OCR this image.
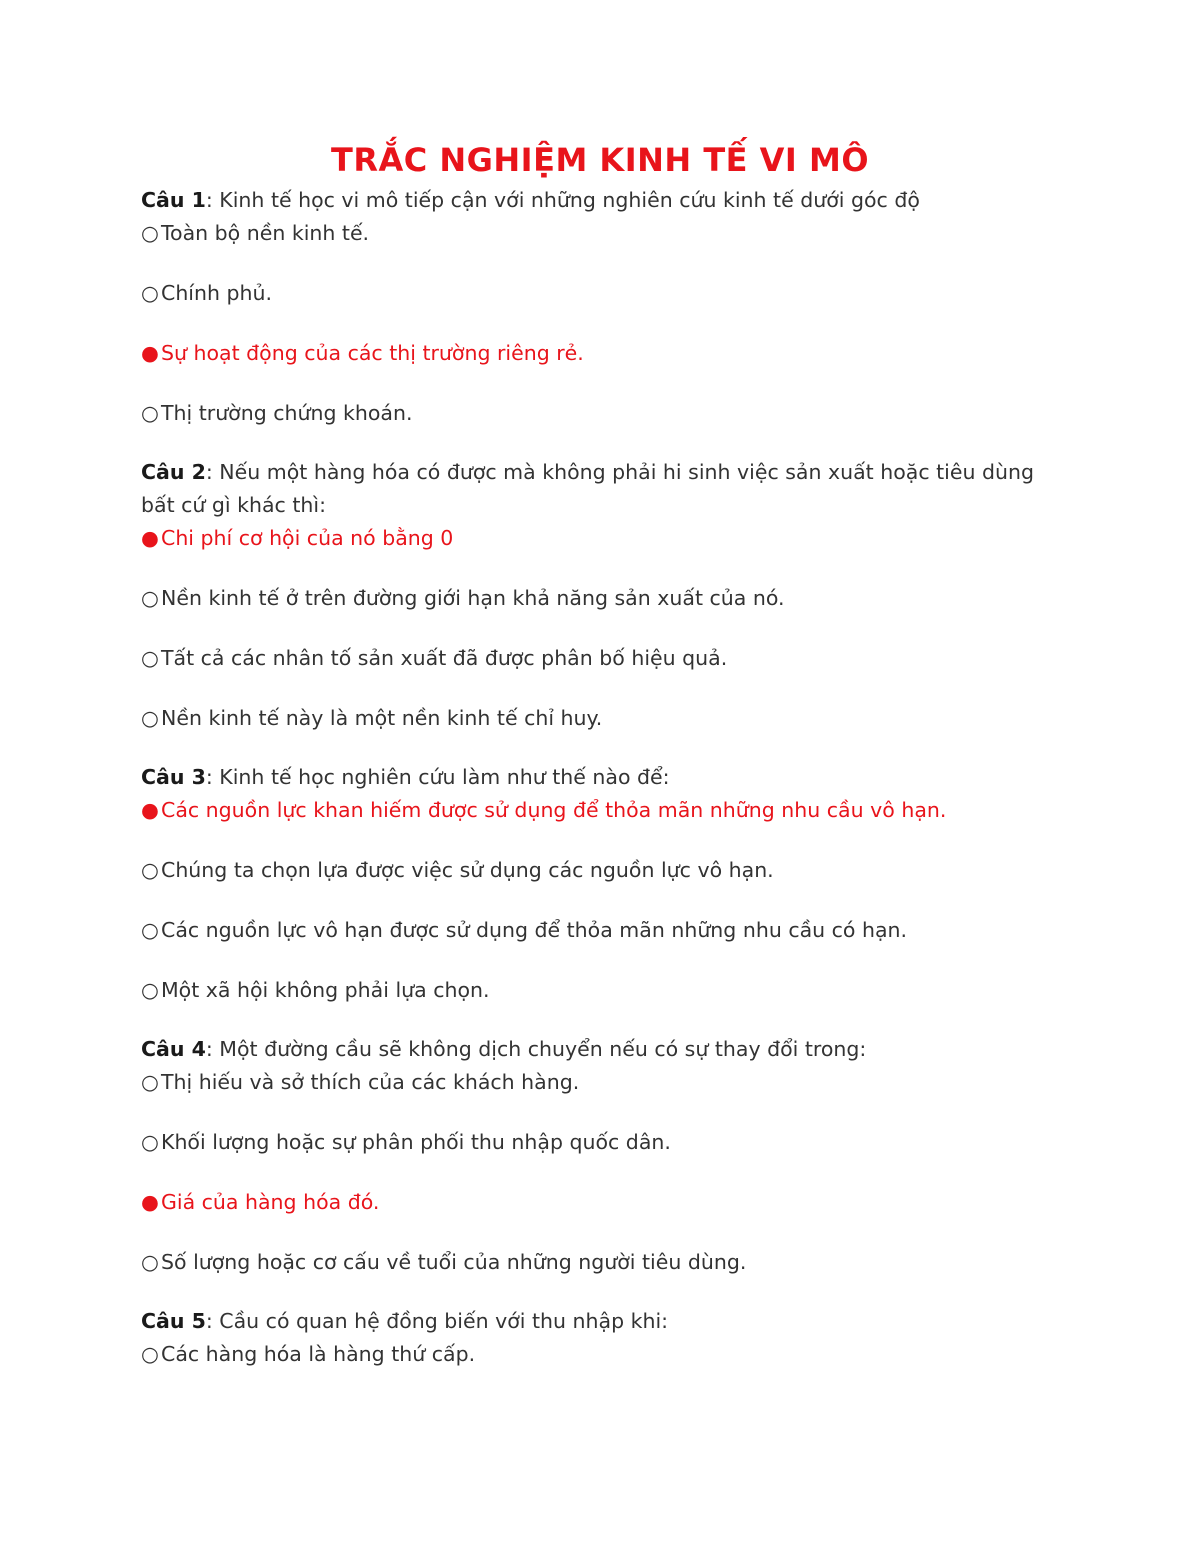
TRẮC NGHIỆM KINH TẾ VI MÔ

Câu 1: Kinh tế học vi mô tiếp cận với những nghiên cứu kinh tế dưới góc độ

○ Toàn bộ nền kinh tế.

○ Chính phủ.

● Sự hoạt động của các thị trường riêng rẻ.

○ Thị trường chứng khoán.

Câu 2: Nếu một hàng hóa có được mà không phải hi sinh việc sản xuất hoặc tiêu dùng bất cứ gì khác thì:

● Chi phí cơ hội của nó bằng 0

○ Nền kinh tế ở trên đường giới hạn khả năng sản xuất của nó.

○ Tất cả các nhân tố sản xuất đã được phân bố hiệu quả.

○ Nền kinh tế này là một nền kinh tế chỉ huy.

Câu 3: Kinh tế học nghiên cứu làm như thế nào để:

● Các nguồn lực khan hiếm được sử dụng để thỏa mãn những nhu cầu vô hạn.

○ Chúng ta chọn lựa được việc sử dụng các nguồn lực vô hạn.

○ Các nguồn lực vô hạn được sử dụng để thỏa mãn những nhu cầu có hạn.

○ Một xã hội không phải lựa chọn.

Câu 4: Một đường cầu sẽ không dịch chuyển nếu có sự thay đổi trong:

○ Thị hiếu và sở thích của các khách hàng.

○ Khối lượng hoặc sự phân phối thu nhập quốc dân.

● Giá của hàng hóa đó.

○ Số lượng hoặc cơ cấu về tuổi của những người tiêu dùng.

Câu 5: Cầu có quan hệ đồng biến với thu nhập khi:

○ Các hàng hóa là hàng thứ cấp.
